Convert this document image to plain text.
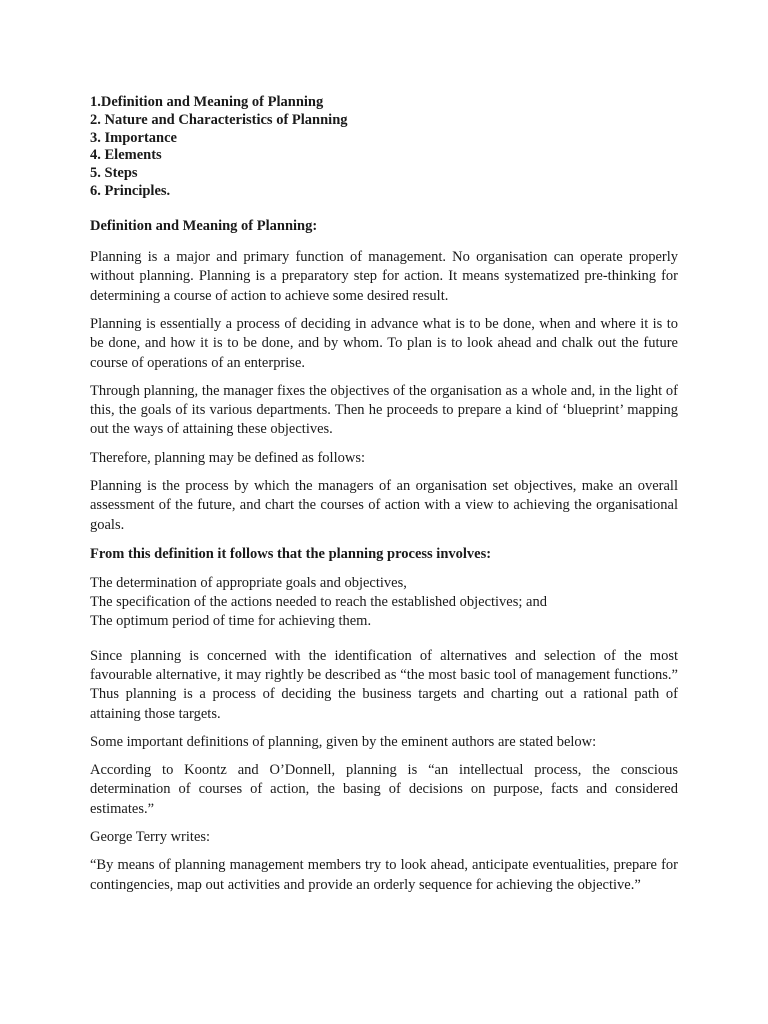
1.Definition and Meaning of Planning
2. Nature and Characteristics of Planning
3. Importance
4. Elements
5. Steps
6. Principles.
Definition and Meaning of Planning:

Planning is a major and primary function of management. No organisation can operate properly without planning. Planning is a preparatory step for action. It means systematized pre-thinking for determining a course of action to achieve some desired result.

Planning is essentially a process of deciding in advance what is to be done, when and where it is to be done, and how it is to be done, and by whom. To plan is to look ahead and chalk out the future course of operations of an enterprise.

Through planning, the manager fixes the objectives of the organisation as a whole and, in the light of this, the goals of its various departments. Then he proceeds to prepare a kind of ‘blueprint’ mapping out the ways of attaining these objectives.

Therefore, planning may be defined as follows:

Planning is the process by which the managers of an organisation set objectives, make an overall assessment of the future, and chart the courses of action with a view to achieving the organisational goals.

From this definition it follows that the planning process involves:

The determination of appropriate goals and objectives,
The specification of the actions needed to reach the established objectives; and
The optimum period of time for achieving them.

Since planning is concerned with the identification of alternatives and selection of the most favourable alternative, it may rightly be described as “the most basic tool of management functions.” Thus planning is a process of deciding the business targets and charting out a rational path of attaining those targets.

Some important definitions of planning, given by the eminent authors are stated below:

According to Koontz and O’Donnell, planning is “an intellectual process, the conscious determination of courses of action, the basing of decisions on purpose, facts and considered estimates.”

George Terry writes:

“By means of planning management members try to look ahead, anticipate eventualities, prepare for contingencies, map out activities and provide an orderly sequence for achieving the objective.”
